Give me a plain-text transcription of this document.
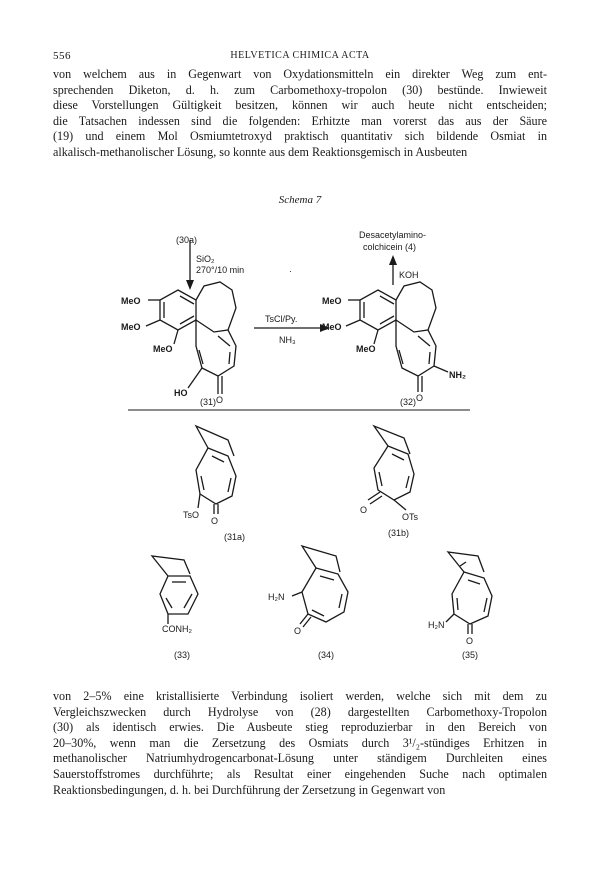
556	HELVETICA CHIMICA ACTA
von welchem aus in Gegenwart von Oxydationsmitteln ein direkter Weg zum ent-
sprechenden Diketon, d. h. zum Carbomethoxy-tropolon (30) bestünde. Inwieweit
diese Vorstellungen Gültigkeit besitzen, können wir auch heute nicht entscheiden;
die Tatsachen indessen sind die folgenden: Erhitzte man vorerst das aus der Säure
(19) und einem Mol Osmiumtetroxyd praktisch quantitativ sich bildende Osmiat in
alkalisch-methanolischer Lösung, so konnte aus dem Reaktionsgemisch in Ausbeuten
Schema 7
(30a)
SiO₂
270°/10 min	·
Desacetylamino-
colchicein (4)
KOH
TsCl/Py.
NH₃
MeO
MeO
MeO
HO
O
(31)
MeO
MeO
MeO
NH₂
O
(32)
TsO
O
(31a)
O
OTs
(31b)
CONH₂
(33)
H₂N
O
(34)
H₂N
O
(35)
von 2–5% eine kristallisierte Verbindung isoliert werden, welche sich mit dem zu
Vergleichszwecken durch Hydrolyse von (28) dargestellten Carbomethoxy-Tropolon
(30) als identisch erwies. Die Ausbeute stieg reproduzierbar in den Bereich von
20–30%, wenn man die Zersetzung des Osmiats durch 3¹/₂-stündiges Erhitzen in
methanolischer Natriumhydrogencarbonat-Lösung unter ständigem Durchleiten eines
Sauerstoffstromes durchführte; als Resultat einer eingehenden Suche nach optimalen
Reaktionsbedingungen, d. h. bei Durchführung der Zersetzung in Gegenwart von
